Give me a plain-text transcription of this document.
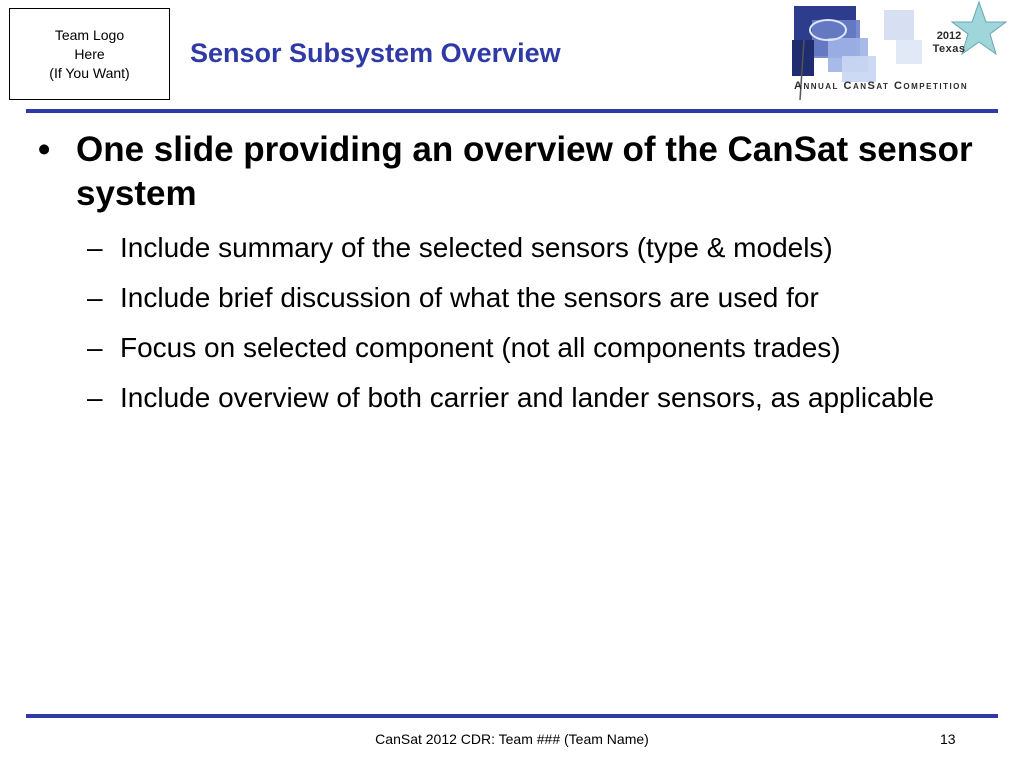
Team Logo
Here
(If You Want)
Sensor Subsystem Overview
2012
Texas
Annual CanSat Competition
• One slide providing an overview of the CanSat sensor system
– Include summary of the selected sensors (type & models)
– Include brief discussion of what the sensors are used for
– Focus on selected component (not all components trades)
– Include overview of both carrier and lander sensors, as applicable
CanSat 2012 CDR: Team ### (Team Name)	13
